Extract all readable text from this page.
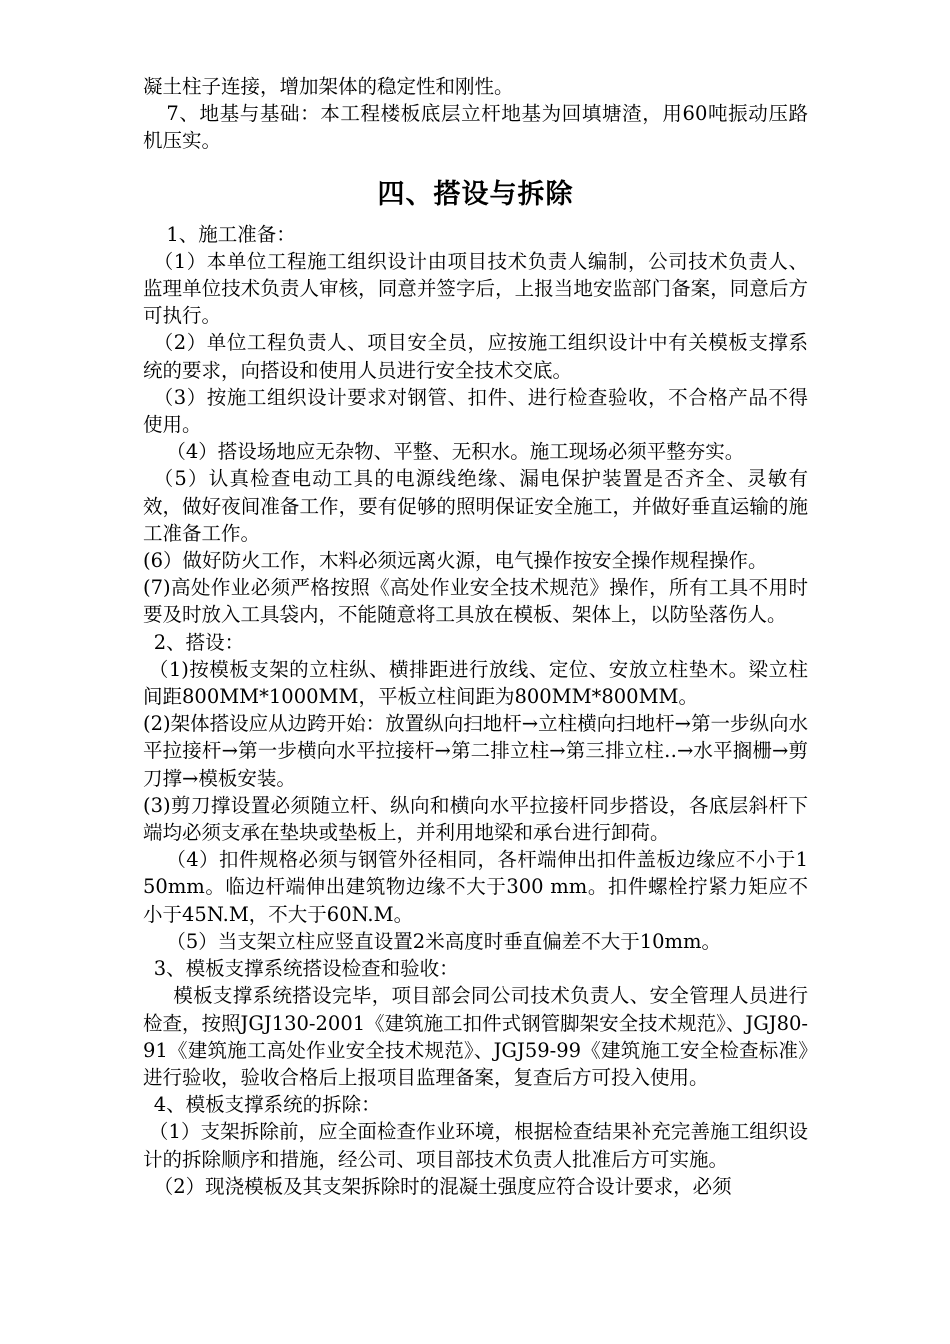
凝土柱子连接，增加架体的稳定性和刚性。

7、地基与基础：本工程楼板底层立杆地基为回填塘渣，用60吨振动压路机压实。

四、搭设与拆除

1、施工准备：

（1）本单位工程施工组织设计由项目技术负责人编制，公司技术负责人、监理单位技术负责人审核，同意并签字后，上报当地安监部门备案，同意后方可执行。

（2）单位工程负责人、项目安全员，应按施工组织设计中有关模板支撑系统的要求，向搭设和使用人员进行安全技术交底。

（3）按施工组织设计要求对钢管、扣件、进行检查验收，不合格产品不得使用。

（4）搭设场地应无杂物、平整、无积水。施工现场必须平整夯实。

（5）认真检查电动工具的电源线绝缘、漏电保护装置是否齐全、灵敏有效，做好夜间准备工作，要有促够的照明保证安全施工，并做好垂直运输的施工准备工作。

(6）做好防火工作，木料必须远离火源，电气操作按安全操作规程操作。

(7)高处作业必须严格按照《高处作业安全技术规范》操作，所有工具不用时要及时放入工具袋内，不能随意将工具放在模板、架体上，以防坠落伤人。

2、搭设：

（1)按模板支架的立柱纵、横排距进行放线、定位、安放立柱垫木。梁立柱间距800MM*1000MM，平板立柱间距为800MM*800MM。

(2)架体搭设应从边跨开始：放置纵向扫地杆→立柱横向扫地杆→第一步纵向水平拉接杆→第一步横向水平拉接杆→第二排立柱→第三排立柱‥→水平搁栅→剪刀撑→模板安装。

(3)剪刀撑设置必须随立杆、纵向和横向水平拉接杆同步搭设，各底层斜杆下端均必须支承在垫块或垫板上，并利用地梁和承台进行卸荷。

（4）扣件规格必须与钢管外径相同，各杆端伸出扣件盖板边缘应不小于150mm。临边杆端伸出建筑物边缘不大于300 mm。扣件螺栓拧紧力矩应不小于45N.M，不大于60N.M。

（5）当支架立柱应竖直设置2米高度时垂直偏差不大于10mm。

3、模板支撑系统搭设检查和验收：

模板支撑系统搭设完毕，项目部会同公司技术负责人、安全管理人员进行检查，按照JGJ130-2001《建筑施工扣件式钢管脚架安全技术规范》、JGJ80-91《建筑施工高处作业安全技术规范》、JGJ59-99《建筑施工安全检查标准》进行验收，验收合格后上报项目监理备案，复查后方可投入使用。

4、模板支撑系统的拆除：

（1）支架拆除前，应全面检查作业环境，根据检查结果补充完善施工组织设计的拆除顺序和措施，经公司、项目部技术负责人批准后方可实施。

（2）现浇模板及其支架拆除时的混凝土强度应符合设计要求，必须
